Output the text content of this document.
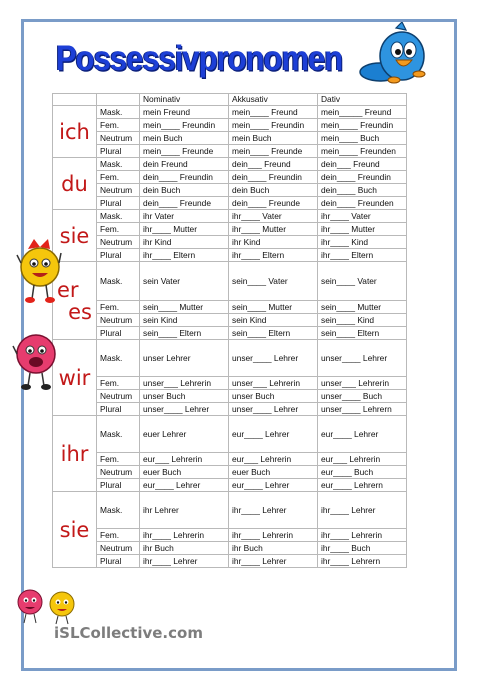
Possessivpronomen
		Nominativ	Akkusativ	Dativ

ich	Mask.	mein Freund	mein____ Freund	mein_____ Freund
	Fem.	mein____ Freundin	mein____ Freundin	mein____ Freundin
	Neutrum	mein Buch	mein Buch	mein____ Buch
	Plural	mein____ Freunde	mein____ Freunde	mein____ Freunden

du	Mask.	dein Freund	dein___ Freund	dein___ Freund
	Fem.	dein____ Freundin	dein____ Freundin	dein____ Freundin
	Neutrum	dein Buch	dein Buch	dein____ Buch
	Plural	dein____ Freunde	dein____ Freunde	dein____ Freunden

sie	Mask.	ihr Vater	ihr____ Vater	ihr____ Vater
	Fem.	ihr____ Mutter	ihr____ Mutter	ihr____ Mutter
	Neutrum	ihr Kind	ihr Kind	ihr____ Kind
	Plural	ihr____ Eltern	ihr____ Eltern	ihr____ Eltern

er
es	Mask.	sein Vater	sein____ Vater	sein____ Vater
	Fem.	sein____ Mutter	sein____ Mutter	sein____ Mutter
	Neutrum	sein Kind	sein Kind	sein____ Kind
	Plural	sein____ Eltern	sein____ Eltern	sein____ Eltern

wir	Mask.	unser Lehrer	unser____ Lehrer	unser____ Lehrer
	Fem.	unser___ Lehrerin	unser___ Lehrerin	unser___ Lehrerin
	Neutrum	unser Buch	unser Buch	unser____ Buch
	Plural	unser____ Lehrer	unser____ Lehrer	unser____ Lehrern

ihr	Mask.	euer Lehrer	eur____ Lehrer	eur____ Lehrer
	Fem.	eur___ Lehrerin	eur___ Lehrerin	eur___ Lehrerin
	Neutrum	euer Buch	euer Buch	eur____ Buch
	Plural	eur____ Lehrer	eur____ Lehrer	eur____ Lehrern

sie	Mask.	ihr Lehrer	ihr____ Lehrer	ihr____ Lehrer
	Fem.	ihr____ Lehrerin	ihr____ Lehrerin	ihr____ Lehrerin
	Neutrum	ihr Buch	ihr Buch	ihr____ Buch
	Plural	ihr____ Lehrer	ihr____ Lehrer	ihr____ Lehrern
iSLCollective.com
